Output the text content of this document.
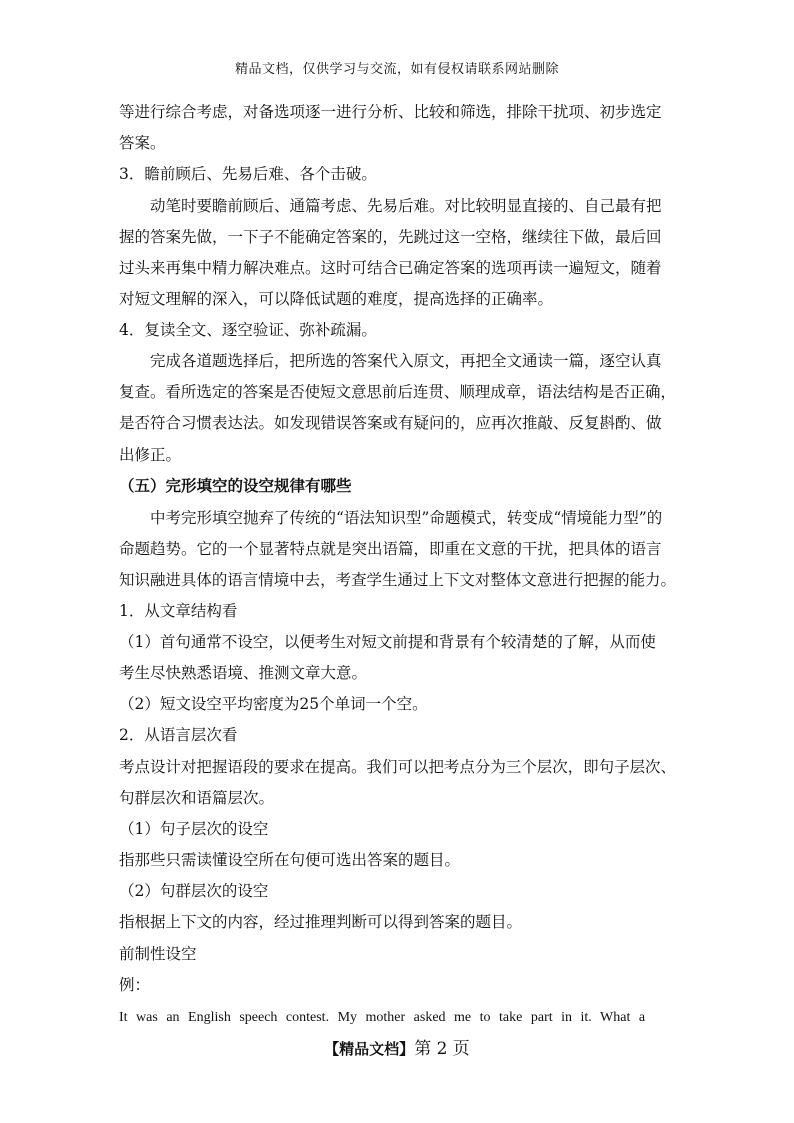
精品文档，仅供学习与交流，如有侵权请联系网站删除
等进行综合考虑，对备选项逐一进行分析、比较和筛选，排除干扰项、初步选定
答案。
3．瞻前顾后、先易后难、各个击破。
动笔时要瞻前顾后、通篇考虑、先易后难。对比较明显直接的、自己最有把
握的答案先做，一下子不能确定答案的，先跳过这一空格，继续往下做，最后回
过头来再集中精力解决难点。这时可结合已确定答案的选项再读一遍短文，随着
对短文理解的深入，可以降低试题的难度，提高选择的正确率。
4．复读全文、逐空验证、弥补疏漏。
完成各道题选择后，把所选的答案代入原文，再把全文通读一篇，逐空认真
复查。看所选定的答案是否使短文意思前后连贯、顺理成章，语法结构是否正确，
是否符合习惯表达法。如发现错误答案或有疑问的，应再次推敲、反复斟酌、做
出修正。
（五）完形填空的设空规律有哪些
中考完形填空抛弃了传统的“语法知识型”命题模式，转变成“情境能力型”的
命题趋势。它的一个显著特点就是突出语篇，即重在文意的干扰，把具体的语言
知识融进具体的语言情境中去，考查学生通过上下文对整体文意进行把握的能力。
1．从文章结构看
（1）首句通常不设空，以便考生对短文前提和背景有个较清楚的了解，从而使
考生尽快熟悉语境、推测文章大意。
（2）短文设空平均密度为25个单词一个空。
2．从语言层次看
考点设计对把握语段的要求在提高。我们可以把考点分为三个层次，即句子层次、
句群层次和语篇层次。
（1）句子层次的设空
指那些只需读懂设空所在句便可选出答案的题目。
（2）句群层次的设空
指根据上下文的内容，经过推理判断可以得到答案的题目。
前制性设空
例：
It was an English speech contest. My mother asked me to take part in it. What a
【精品文档】第 2 页
